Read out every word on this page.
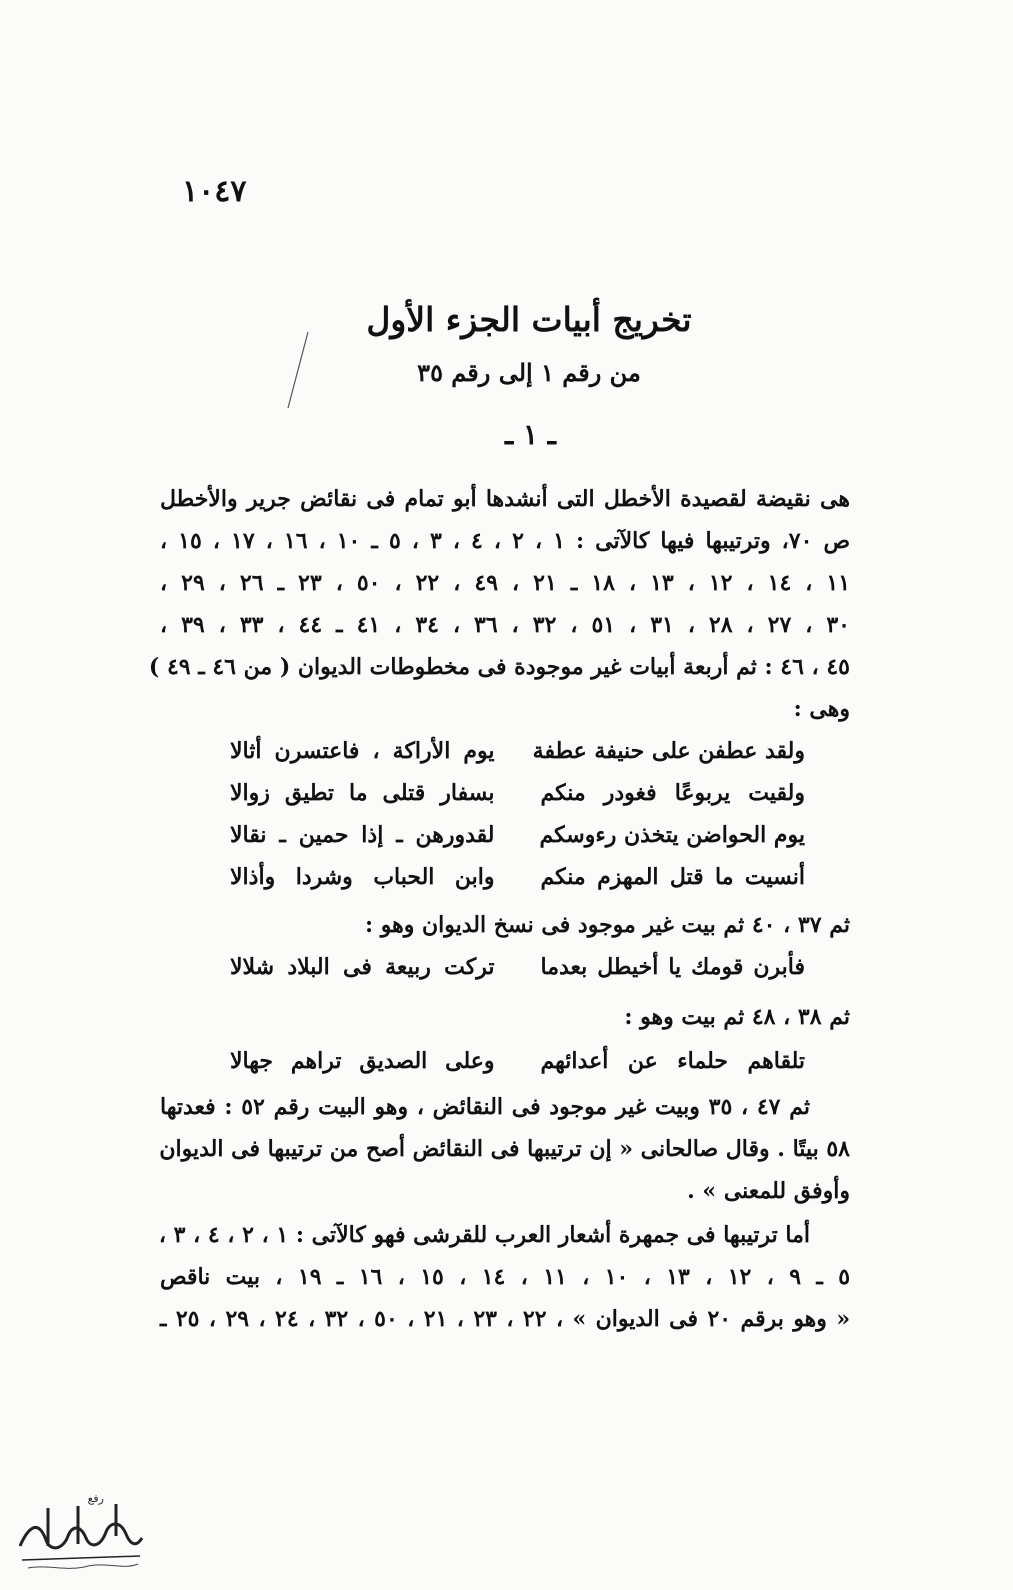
١٠٤٧
تخريج أبيات الجزء الأول
من رقم ١ إلى رقم ٣٥
ـ ١ ـ
هى نقيضة لقصيدة الأخطل التى أنشدها أبو تمام فى نقائض جرير والأخطل
ص ٧٠، وترتيبها فيها كالآتى : ١ ، ٢ ، ٤ ، ٣ ، ٥ ـ ١٠ ، ١٦ ، ١٧ ، ١٥ ،
١١ ، ١٤ ، ١٢ ، ١٣ ، ١٨ ـ ٢١ ، ٤٩ ، ٢٢ ، ٥٠ ، ٢٣ ـ ٢٦ ، ٢٩ ،
٣٠ ، ٢٧ ، ٢٨ ، ٣١ ، ٥١ ، ٣٢ ، ٣٦ ، ٣٤ ، ٤١ ـ ٤٤ ، ٣٣ ، ٣٩ ،
٤٥ ، ٤٦ : ثم أربعة أبيات غير موجودة فى مخطوطات الديوان ( من ٤٦ ـ ٤٩ )
وهى :
ولقد عطفن على حنيفة عطفة
يوم الأراكة ، فاعتسرن أثالا
ولقيت يربوعًا فغودر منكم
بسفار قتلى ما تطيق زوالا
يوم الحواضن يتخذن رءوسكم
لقدورهن ـ إذا حمين ـ نقالا
أنسيت ما قتل المهزم منكم
وابن الحباب وشردا وأذالا
ثم ٣٧ ، ٤٠ ثم بيت غير موجود فى نسخ الديوان وهو :
فأبرن قومك يا أخيطل بعدما
تركت ربيعة فى البلاد شلالا
ثم ٣٨ ، ٤٨ ثم بيت وهو :
تلقاهم حلماء عن أعدائهم
وعلى الصديق تراهم جهالا
ثم ٤٧ ، ٣٥ وبيت غير موجود فى النقائض ، وهو البيت رقم ٥٢ : فعدتها
٥٨ بيتًا . وقال صالحانى « إن ترتيبها فى النقائض أصح من ترتيبها فى الديوان
وأوفق للمعنى » .
أما ترتيبها فى جمهرة أشعار العرب للقرشى فهو كالآتى : ١ ، ٢ ، ٤ ، ٣ ،
٥ ـ ٩ ، ١٢ ، ١٣ ، ١٠ ، ١١ ، ١٤ ، ١٥ ، ١٦ ـ ١٩ ، بيت ناقص
« وهو برقم ٢٠ فى الديوان » ، ٢٢ ، ٢٣ ، ٢١ ، ٥٠ ، ٣٢ ، ٢٤ ، ٢٩ ، ٢٥ ـ
رفع
